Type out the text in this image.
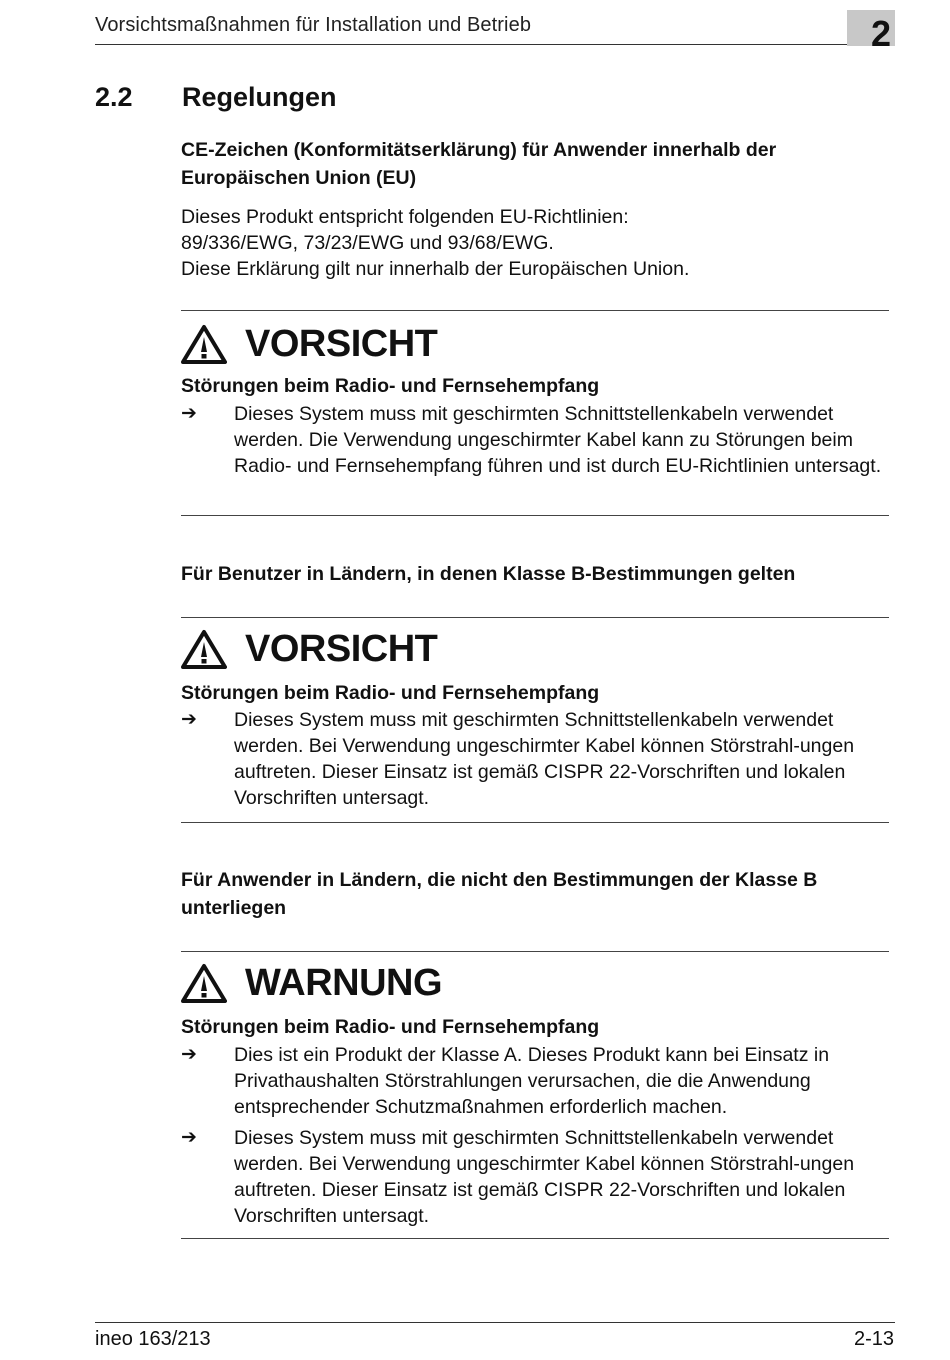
Vorsichtsmaßnahmen für Installation und Betrieb	2
2.2 Regelungen

CE-Zeichen (Konformitätserklärung) für Anwender innerhalb der

Europäischen Union (EU)

Dieses Produkt entspricht folgenden EU-Richtlinien:

89/336/EWG, 73/23/EWG und 93/68/EWG.

Diese Erklärung gilt nur innerhalb der Europäischen Union.

VORSICHT
Störungen beim Radio- und Fernsehempfang
➔ Dieses System muss mit geschirmten Schnittstellenkabeln verwendet werden. Die Verwendung ungeschirmter Kabel kann zu Störungen beim Radio- und Fernsehempfang führen und ist durch EU-Richtlinien untersagt.

Für Benutzer in Ländern, in denen Klasse B-Bestimmungen gelten

VORSICHT
Störungen beim Radio- und Fernsehempfang
➔ Dieses System muss mit geschirmten Schnittstellenkabeln verwendet werden. Bei Verwendung ungeschirmter Kabel können Störstrahl-ungen auftreten. Dieser Einsatz ist gemäß CISPR 22-Vorschriften und lokalen Vorschriften untersagt.

Für Anwender in Ländern, die nicht den Bestimmungen der Klasse B

unterliegen

WARNUNG
Störungen beim Radio- und Fernsehempfang
➔ Dies ist ein Produkt der Klasse A. Dieses Produkt kann bei Einsatz in Privathaushalten Störstrahlungen verursachen, die die Anwendung entsprechender Schutzmaßnahmen erforderlich machen.
➔ Dieses System muss mit geschirmten Schnittstellenkabeln verwendet werden. Bei Verwendung ungeschirmter Kabel können Störstrahl-ungen auftreten. Dieser Einsatz ist gemäß CISPR 22-Vorschriften und lokalen Vorschriften untersagt.
ineo 163/213	2-13
